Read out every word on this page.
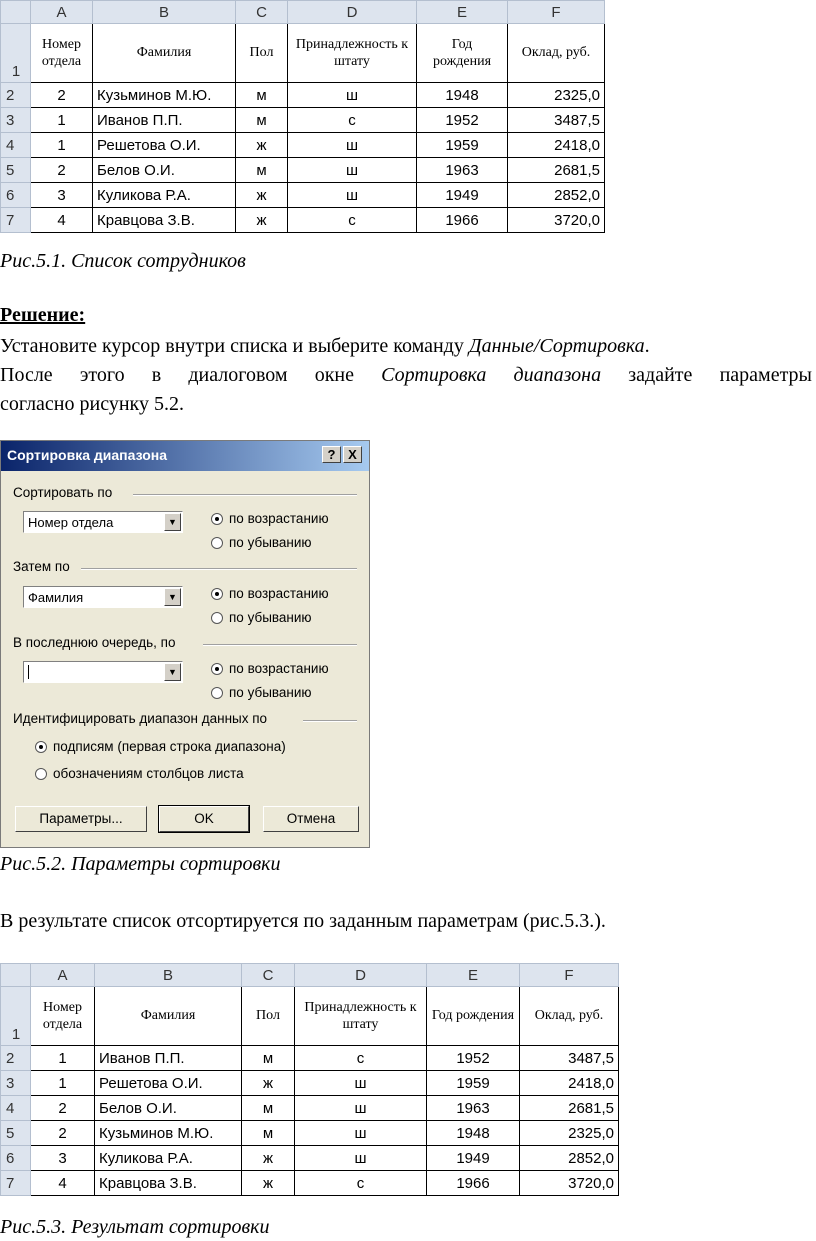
	A	B	C	D	E	F
1	Номер отдела	Фамилия	Пол	Принадлежность к штату	Год рождения	Оклад, руб.
2	2	Кузьминов М.Ю.	м	ш	1948	2325,0
3	1	Иванов П.П.	м	с	1952	3487,5
4	1	Решетова О.И.	ж	ш	1959	2418,0
5	2	Белов О.И.	м	ш	1963	2681,5
6	3	Куликова Р.А.	ж	ш	1949	2852,0
7	4	Кравцова З.В.	ж	с	1966	3720,0
Рис.5.1. Список сотрудников
Решение:
Установите курсор внутри списка и выберите команду Данные/Сортировка.
После этого в диалоговом окне Сортировка диапазона задайте параметры
согласно рисунку 5.2.
Сортировка диапазона	? X
Сортировать по
Номер отдела	▼	по возрастанию
по убыванию
Затем по
Фамилия	▼	по возрастанию
по убыванию
В последнюю очередь, по
▼	по возрастанию
по убыванию
Идентифицировать диапазон данных по
подписям (первая строка диапазона)
обозначениям столбцов листа
Параметры...	OK	Отмена
Рис.5.2. Параметры сортировки
В результате список отсортируется по заданным параметрам (рис.5.3.).
	A	B	C	D	E	F
1	Номер отдела	Фамилия	Пол	Принадлежность к штату	Год рождения	Оклад, руб.
2	1	Иванов П.П.	м	с	1952	3487,5
3	1	Решетова О.И.	ж	ш	1959	2418,0
4	2	Белов О.И.	м	ш	1963	2681,5
5	2	Кузьминов М.Ю.	м	ш	1948	2325,0
6	3	Куликова Р.А.	ж	ш	1949	2852,0
7	4	Кравцова З.В.	ж	с	1966	3720,0
Рис.5.3. Результат сортировки
